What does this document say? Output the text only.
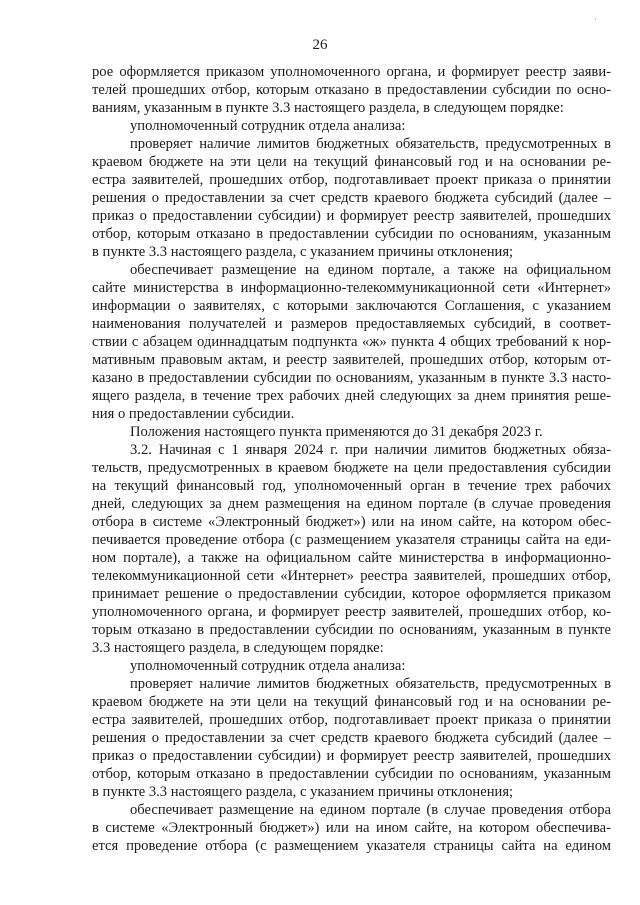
26
·
рое оформляется приказом уполномоченного органа, и формирует реестр заяви-
телей прошедших отбор, которым отказано в предоставлении субсидии по осно-
ваниям, указанным в пункте 3.3 настоящего раздела, в следующем порядке:
уполномоченный сотрудник отдела анализа:
проверяет наличие лимитов бюджетных обязательств, предусмотренных в
краевом бюджете на эти цели на текущий финансовый год и на основании ре-
естра заявителей, прошедших отбор, подготавливает проект приказа о принятии
решения о предоставлении за счет средств краевого бюджета субсидий (далее –
приказ о предоставлении субсидии) и формирует реестр заявителей, прошедших
отбор, которым отказано в предоставлении субсидии по основаниям, указанным
в пункте 3.3 настоящего раздела, с указанием причины отклонения;
обеспечивает размещение на едином портале, а также на официальном
сайте министерства в информационно-телекоммуникационной сети «Интернет»
информации о заявителях, с которыми заключаются Соглашения, с указанием
наименования получателей и размеров предоставляемых субсидий, в соответ-
ствии с абзацем одиннадцатым подпункта «ж» пункта 4 общих требований к нор-
мативным правовым актам, и реестр заявителей, прошедших отбор, которым от-
казано в предоставлении субсидии по основаниям, указанным в пункте 3.3 насто-
ящего раздела, в течение трех рабочих дней следующих за днем принятия реше-
ния о предоставлении субсидии.
Положения настоящего пункта применяются до 31 декабря 2023 г.
3.2. Начиная с 1 января 2024 г. при наличии лимитов бюджетных обяза-
тельств, предусмотренных в краевом бюджете на цели предоставления субсидии
на текущий финансовый год, уполномоченный орган в течение трех рабочих
дней, следующих за днем размещения на едином портале (в случае проведения
отбора в системе «Электронный бюджет») или на ином сайте, на котором обес-
печивается проведение отбора (с размещением указателя страницы сайта на еди-
ном портале), а также на официальном сайте министерства в информационно-
телекоммуникационной сети «Интернет» реестра заявителей, прошедших отбор,
принимает решение о предоставлении субсидии, которое оформляется приказом
уполномоченного органа, и формирует реестр заявителей, прошедших отбор, ко-
торым отказано в предоставлении субсидии по основаниям, указанным в пункте
3.3 настоящего раздела, в следующем порядке:
уполномоченный сотрудник отдела анализа:
проверяет наличие лимитов бюджетных обязательств, предусмотренных в
краевом бюджете на эти цели на текущий финансовый год и на основании ре-
естра заявителей, прошедших отбор, подготавливает проект приказа о принятии
решения о предоставлении за счет средств краевого бюджета субсидий (далее –
приказ о предоставлении субсидии) и формирует реестр заявителей, прошедших
отбор, которым отказано в предоставлении субсидии по основаниям, указанным
в пункте 3.3 настоящего раздела, с указанием причины отклонения;
обеспечивает размещение на едином портале (в случае проведения отбора
в системе «Электронный бюджет») или на ином сайте, на котором обеспечива-
ется проведение отбора (с размещением указателя страницы сайта на едином
